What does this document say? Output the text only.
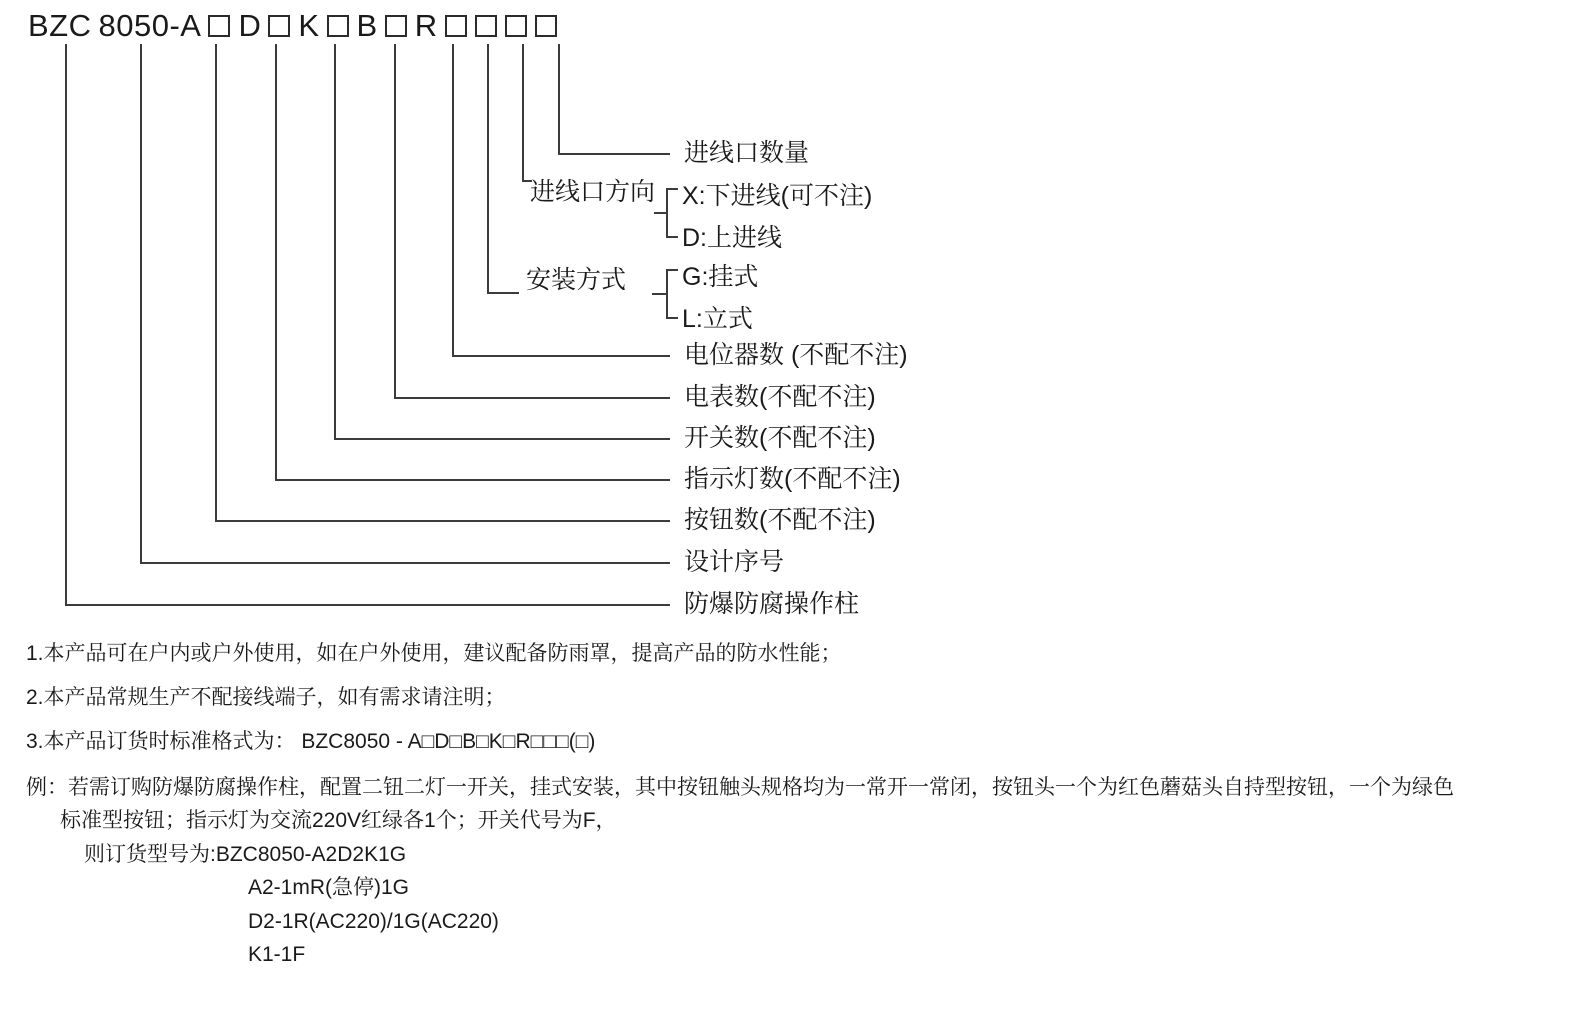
BZC 8050-A D K B R
进线口数量
进线口方向 X:下进线(可不注)
D:上进线
安装方式 G:挂式
L:立式
电位器数 (不配不注)
电表数(不配不注)
开关数(不配不注)
指示灯数(不配不注)
按钮数(不配不注)
设计序号
防爆防腐操作柱
1.本产品可在户内或户外使用，如在户外使用，建议配备防雨罩，提高产品的防水性能；
2.本产品常规生产不配接线端子，如有需求请注明；
3.本产品订货时标准格式为： BZC8050 - A□D□B□K□R□□□(□)
例：若需订购防爆防腐操作柱，配置二钮二灯一开关，挂式安装，其中按钮触头规格均为一常开一常闭，按钮头一个为红色蘑菇头自持型按钮，一个为绿色
标准型按钮；指示灯为交流220V红绿各1个；开关代号为F，
则订货型号为:BZC8050-A2D2K1G
A2-1mR(急停)1G
D2-1R(AC220)/1G(AC220)
K1-1F
